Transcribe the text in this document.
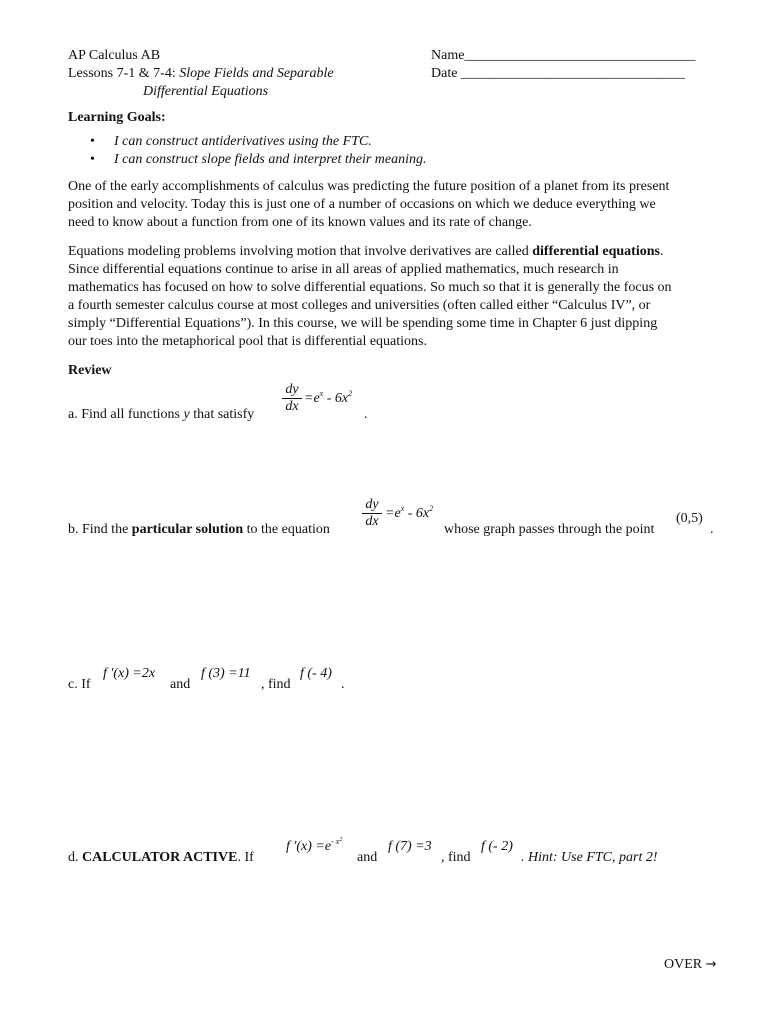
AP Calculus AB
Lessons 7-1 & 7-4: Slope Fields and Separable
Differential Equations
Name_________________________________
Date ________________________________
Learning Goals:
• I can construct antiderivatives using the FTC.
• I can construct slope fields and interpret their meaning.
One of the early accomplishments of calculus was predicting the future position of a planet from its present
position and velocity. Today this is just one of a number of occasions on which we deduce everything we
need to know about a function from one of its known values and its rate of change.
Equations modeling problems involving motion that involve derivatives are called differential equations.
Since differential equations continue to arise in all areas of applied mathematics, much research in
mathematics has focused on how to solve differential equations. So much so that it is generally the focus on
a fourth semester calculus course at most colleges and universities (often called either “Calculus IV”, or
simply “Differential Equations”). In this course, we will be spending some time in Chapter 6 just dipping
our toes into the metaphorical pool that is differential equations.
Review
a. Find all functions y that satisfy $\frac{dy}{dx} =e^x - 6x^2$
.
b. Find the particular solution to the equation $\frac{dy}{dx} =e^x - 6x^2$
whose graph passes through the point
(0,5)
.
c. If
f '(x) =2x
and
f (3) =11
, find
f (- 4)
.
d. CALCULATOR ACTIVE. If
f '$(x) =e^{- x^2}$
and
f (7) =3
, find
f (- 2)
. Hint: Use FTC, part 2!
OVER →
